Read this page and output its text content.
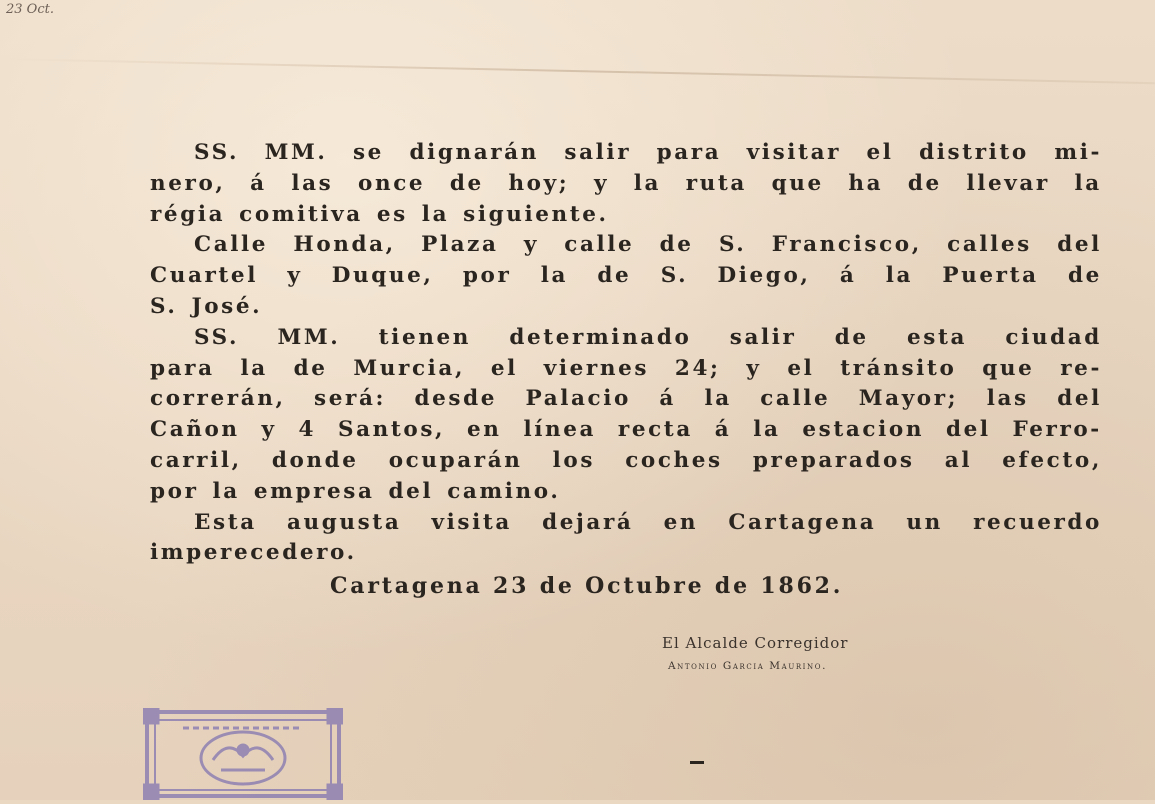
23 Oct.
SS. MM. se dignarán salir para visitar el distrito mi-
nero, á las once de hoy; y la ruta que ha de llevar la
régia comitiva es la siguiente.
Calle Honda, Plaza y calle de S. Francisco, calles del
Cuartel y Duque, por la de S. Diego, á la Puerta de
S. José.
SS. MM. tienen determinado salir de esta ciudad
para la de Murcia, el viernes 24; y el tránsito que re-
correrán, será: desde Palacio á la calle Mayor; las del
Cañon y 4 Santos, en línea recta á la estacion del Ferro-
carril, donde ocuparán los coches preparados al efecto,
por la empresa del camino.
Esta augusta visita dejará en Cartagena un recuerdo
imperecedero.
Cartagena 23 de Octubre de 1862.
El Alcalde Corregidor
Antonio Garcia Maurino.
